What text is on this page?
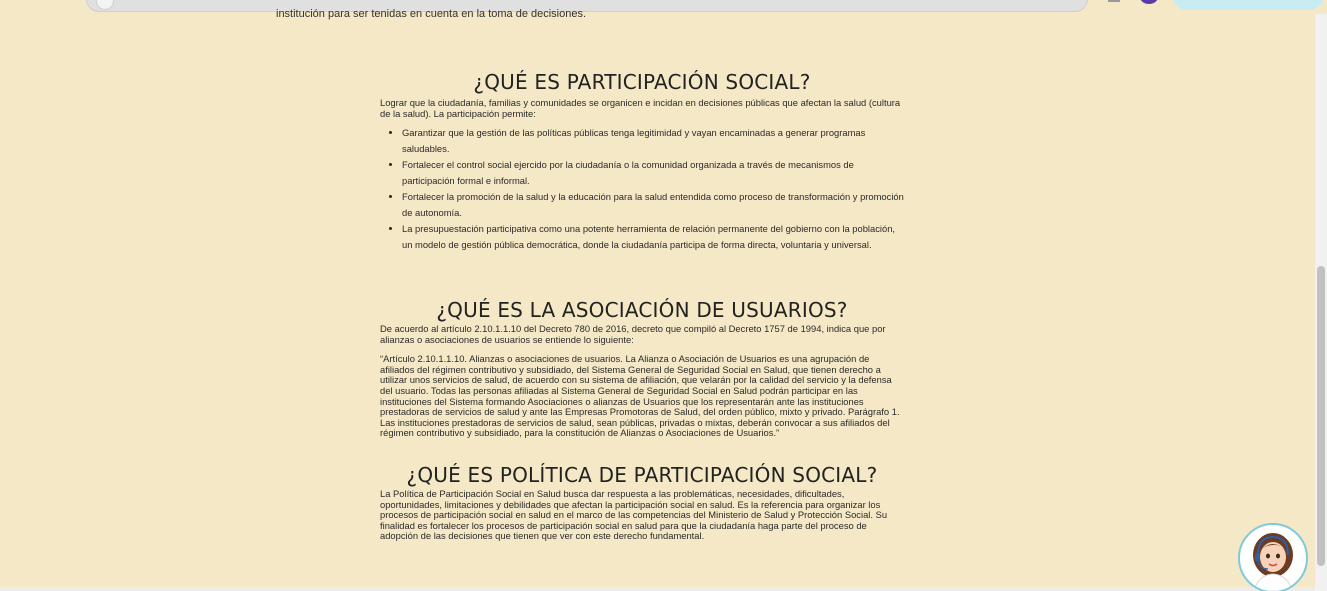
institución para ser tenidas en cuenta en la toma de decisiones.
¿QUÉ ES PARTICIPACIÓN SOCIAL?

Lograr que la ciudadanía, familias y comunidades se organicen e incidan en decisiones públicas que afectan la salud (cultura de la salud). La participación permite:

• Garantizar que la gestión de las políticas públicas tenga legitimidad y vayan encaminadas a generar programas saludables.
• Fortalecer el control social ejercido por la ciudadanía o la comunidad organizada a través de mecanismos de participación formal e informal.
• Fortalecer la promoción de la salud y la educación para la salud entendida como proceso de transformación y promoción de autonomía.
• La presupuestación participativa como una potente herramienta de relación permanente del gobierno con la población, un modelo de gestión pública democrática, donde la ciudadanía participa de forma directa, voluntaria y universal.
¿QUÉ ES LA ASOCIACIÓN DE USUARIOS?

De acuerdo al artículo 2.10.1.1.10 del Decreto 780 de 2016, decreto que compiló al Decreto 1757 de 1994, indica que por alianzas o asociaciones de usuarios se entiende lo siguiente:

“Artículo 2.10.1.1.10. Alianzas o asociaciones de usuarios. La Alianza o Asociación de Usuarios es una agrupación de afiliados del régimen contributivo y subsidiado, del Sistema General de Seguridad Social en Salud, que tienen derecho a utilizar unos servicios de salud, de acuerdo con su sistema de afiliación, que velarán por la calidad del servicio y la defensa del usuario. Todas las personas afiliadas al Sistema General de Seguridad Social en Salud podrán participar en las instituciones del Sistema formando Asociaciones o alianzas de Usuarios que los representarán ante las instituciones prestadoras de servicios de salud y ante las Empresas Promotoras de Salud, del orden público, mixto y privado. Parágrafo 1. Las instituciones prestadoras de servicios de salud, sean públicas, privadas o mixtas, deberán convocar a sus afiliados del régimen contributivo y subsidiado, para la constitución de Alianzas o Asociaciones de Usuarios.”

¿QUÉ ES POLÍTICA DE PARTICIPACIÓN SOCIAL?

La Política de Participación Social en Salud busca dar respuesta a las problemáticas, necesidades, dificultades, oportunidades, limitaciones y debilidades que afectan la participación social en salud. Es la referencia para organizar los procesos de participación social en salud en el marco de las competencias del Ministerio de Salud y Protección Social. Su finalidad es fortalecer los procesos de participación social en salud para que la ciudadanía haga parte del proceso de adopción de las decisiones que tienen que ver con este derecho fundamental.
